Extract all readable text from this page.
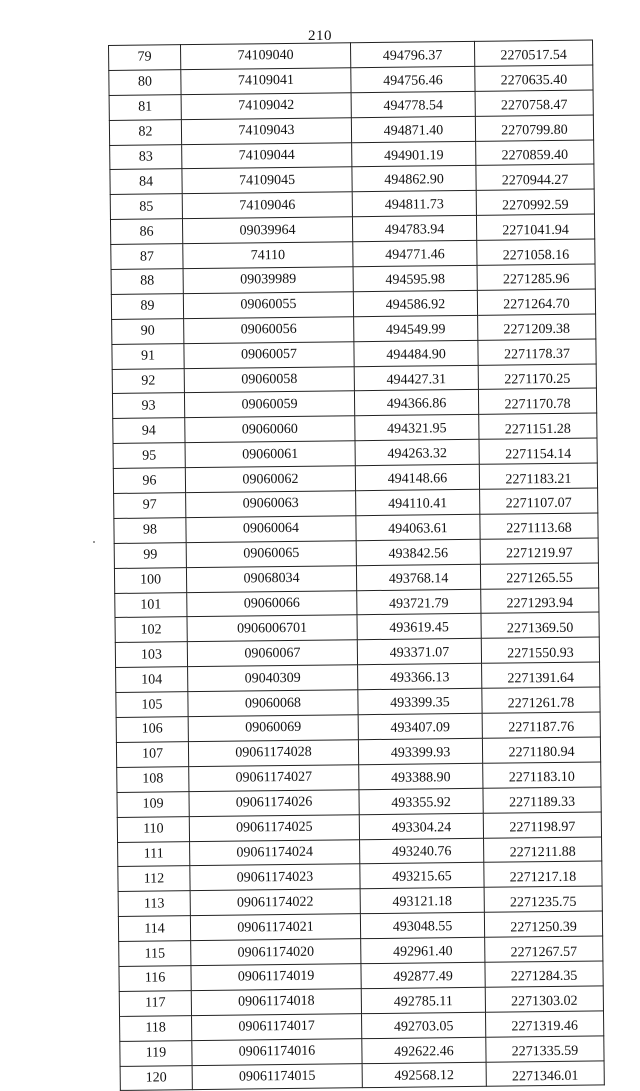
210
79	74109040	494796.37	2270517.54
80	74109041	494756.46	2270635.40
81	74109042	494778.54	2270758.47
82	74109043	494871.40	2270799.80
83	74109044	494901.19	2270859.40
84	74109045	494862.90	2270944.27
85	74109046	494811.73	2270992.59
86	09039964	494783.94	2271041.94
87	74110	494771.46	2271058.16
88	09039989	494595.98	2271285.96
89	09060055	494586.92	2271264.70
90	09060056	494549.99	2271209.38
91	09060057	494484.90	2271178.37
92	09060058	494427.31	2271170.25
93	09060059	494366.86	2271170.78
94	09060060	494321.95	2271151.28
95	09060061	494263.32	2271154.14
96	09060062	494148.66	2271183.21
97	09060063	494110.41	2271107.07
98	09060064	494063.61	2271113.68
99	09060065	493842.56	2271219.97
100	09068034	493768.14	2271265.55
101	09060066	493721.79	2271293.94
102	0906006701	493619.45	2271369.50
103	09060067	493371.07	2271550.93
104	09040309	493366.13	2271391.64
105	09060068	493399.35	2271261.78
106	09060069	493407.09	2271187.76
107	09061174028	493399.93	2271180.94
108	09061174027	493388.90	2271183.10
109	09061174026	493355.92	2271189.33
110	09061174025	493304.24	2271198.97
111	09061174024	493240.76	2271211.88
112	09061174023	493215.65	2271217.18
113	09061174022	493121.18	2271235.75
114	09061174021	493048.55	2271250.39
115	09061174020	492961.40	2271267.57
116	09061174019	492877.49	2271284.35
117	09061174018	492785.11	2271303.02
118	09061174017	492703.05	2271319.46
119	09061174016	492622.46	2271335.59
120	09061174015	492568.12	2271346.01
